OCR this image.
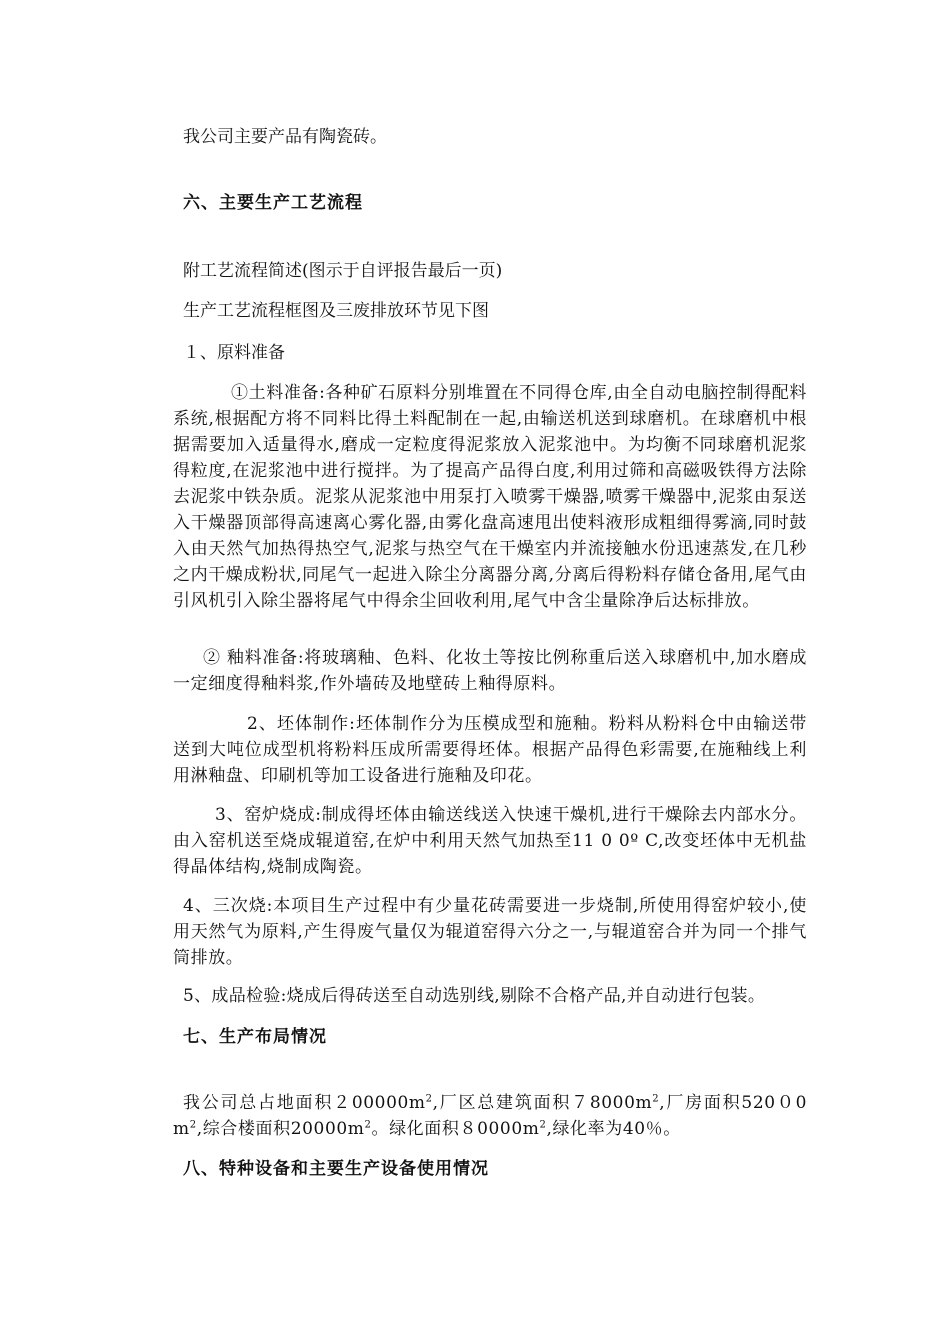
我公司主要产品有陶瓷砖。
六、主要生产工艺流程
附工艺流程简述(图示于自评报告最后一页)
生产工艺流程框图及三废排放环节见下图
１、原料准备
①土料准备:各种矿石原料分别堆置在不同得仓库,由全自动电脑控制得配料系统,根据配方将不同料比得土料配制在一起,由输送机送到球磨机。在球磨机中根据需要加入适量得水,磨成一定粒度得泥浆放入泥浆池中。为均衡不同球磨机泥浆得粒度,在泥浆池中进行搅拌。为了提高产品得白度,利用过筛和高磁吸铁得方法除去泥浆中铁杂质。泥浆从泥浆池中用泵打入喷雾干燥器,喷雾干燥器中,泥浆由泵送入干燥器顶部得高速离心雾化器,由雾化盘高速甩出使料液形成粗细得雾滴,同时鼓入由天然气加热得热空气,泥浆与热空气在干燥室内并流接触水份迅速蒸发,在几秒之内干燥成粉状,同尾气一起进入除尘分离器分离,分离后得粉料存储仓备用,尾气由引风机引入除尘器将尾气中得余尘回收利用,尾气中含尘量除净后达标排放。
② 釉料准备:将玻璃釉、色料、化妆土等按比例称重后送入球磨机中,加水磨成一定细度得釉料浆,作外墙砖及地壁砖上釉得原料。
2、坯体制作:坯体制作分为压模成型和施釉。粉料从粉料仓中由输送带送到大吨位成型机将粉料压成所需要得坯体。根据产品得色彩需要,在施釉线上利用淋釉盘、印刷机等加工设备进行施釉及印花。
3、窑炉烧成:制成得坯体由输送线送入快速干燥机,进行干燥除去内部水分。由入窑机送至烧成辊道窑,在炉中利用天然气加热至11 0 0º C,改变坯体中无机盐得晶体结构,烧制成陶瓷。
4、三次烧:本项目生产过程中有少量花砖需要进一步烧制,所使用得窑炉较小,使用天然气为原料,产生得废气量仅为辊道窑得六分之一,与辊道窑合并为同一个排气筒排放。
5、成品检验:烧成后得砖送至自动选别线,剔除不合格产品,并自动进行包装。
七、生产布局情况
我公司总占地面积$200000m^2$,厂区总建筑面积$78000m^2$,厂房面积520０0 $m^2$,综合楼面积$20000m^2$。绿化面积$80000m^2$,绿化率为40％。
八、特种设备和主要生产设备使用情况
